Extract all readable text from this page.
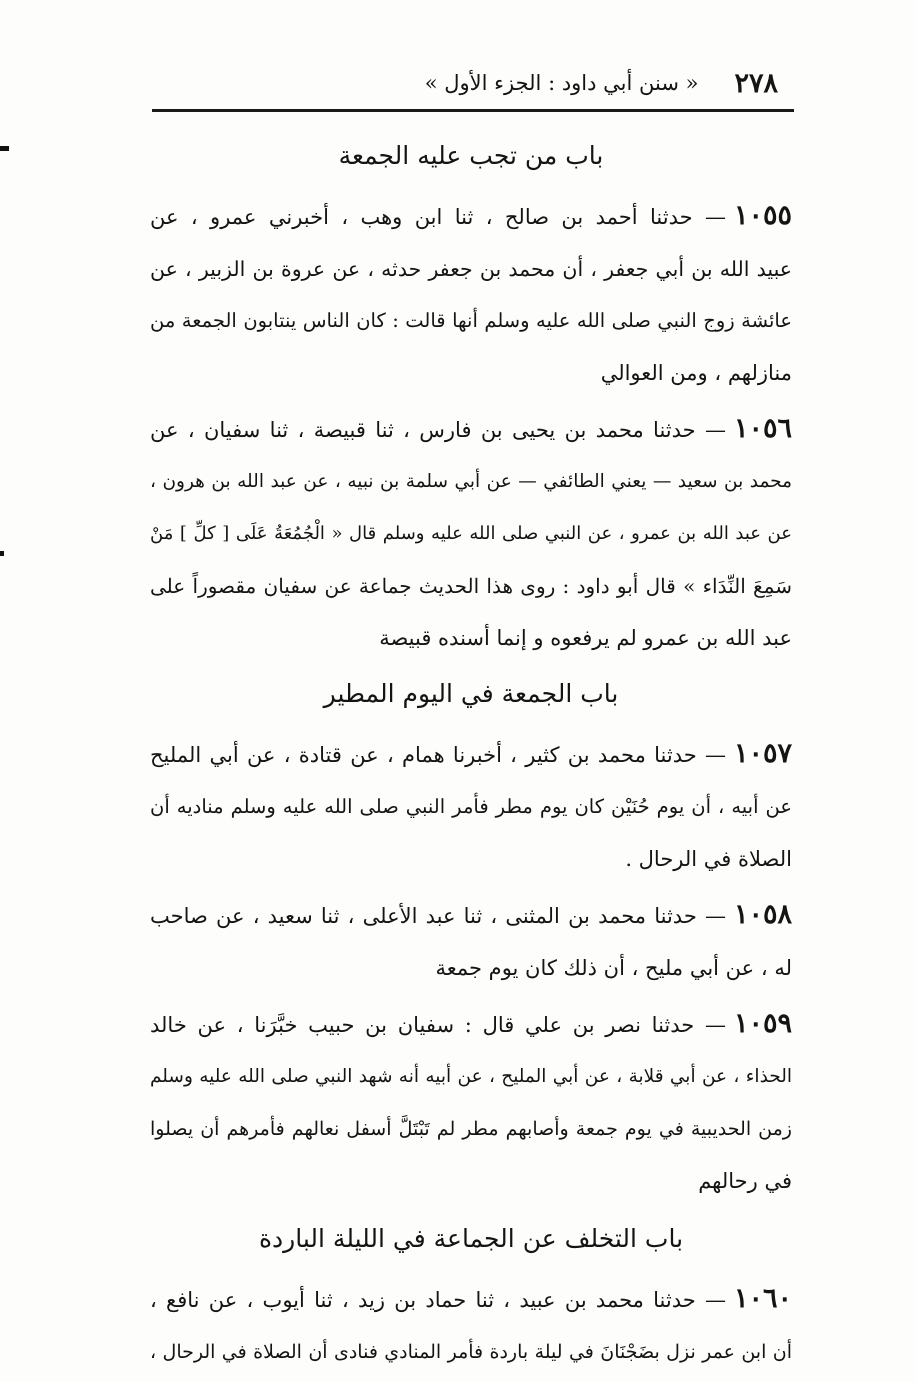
٢٧٨
« سنن أبي داود : الجزء الأول »
باب من تجب عليه الجمعة
١٠٥٥— حدثنا أحمد بن صالح ، ثنا ابن وهب ، أخبرني عمرو ، عن
عبيد الله بن أبي جعفر ، أن محمد بن جعفر حدثه ، عن عروة بن الزبير ، عن
عائشة زوج النبي صلى الله عليه وسلم أنها قالت : كان الناس ينتابون الجمعة من
منازلهم ، ومن العوالي
١٠٥٦— حدثنا محمد بن يحيى بن فارس ، ثنا قبيصة ، ثنا سفيان ، عن
محمد بن سعيد — يعني الطائفي — عن أبي سلمة بن نبيه ، عن عبد الله بن هرون ،
عن عبد الله بن عمرو ، عن النبي صلى الله عليه وسلم قال « الْجُمُعَةُ عَلَى [ كلِّ ] مَنْ
سَمِعَ النِّدَاء » قال أبو داود : روى هذا الحديث جماعة عن سفيان مقصوراً على
عبد الله بن عمرو لم يرفعوه و إنما أسنده قبيصة
باب الجمعة في اليوم المطير
١٠٥٧— حدثنا محمد بن كثير ، أخبرنا همام ، عن قتادة ، عن أبي المليح
عن أبيه ، أن يوم حُنَيْن كان يوم مطر فأمر النبي صلى الله عليه وسلم مناديه أن
الصلاة في الرحال .
١٠٥٨— حدثنا محمد بن المثنى ، ثنا عبد الأعلى ، ثنا سعيد ، عن صاحب
له ، عن أبي مليح ، أن ذلك كان يوم جمعة
١٠٥٩— حدثنا نصر بن علي قال : سفيان بن حبيب خبَّرَنا ، عن خالد
الحذاء ، عن أبي قلابة ، عن أبي المليح ، عن أبيه أنه شهد النبي صلى الله عليه وسلم
زمن الحديبية في يوم جمعة وأصابهم مطر لم تَبْتَلَّ أسفل نعالهم فأمرهم أن يصلوا
في رحالهم
باب التخلف عن الجماعة في الليلة الباردة
١٠٦٠— حدثنا محمد بن عبيد ، ثنا حماد بن زيد ، ثنا أيوب ، عن نافع ،
أن ابن عمر نزل بضَجْنَانَ في ليلة باردة فأمر المنادي فنادى أن الصلاة في الرحال ،
